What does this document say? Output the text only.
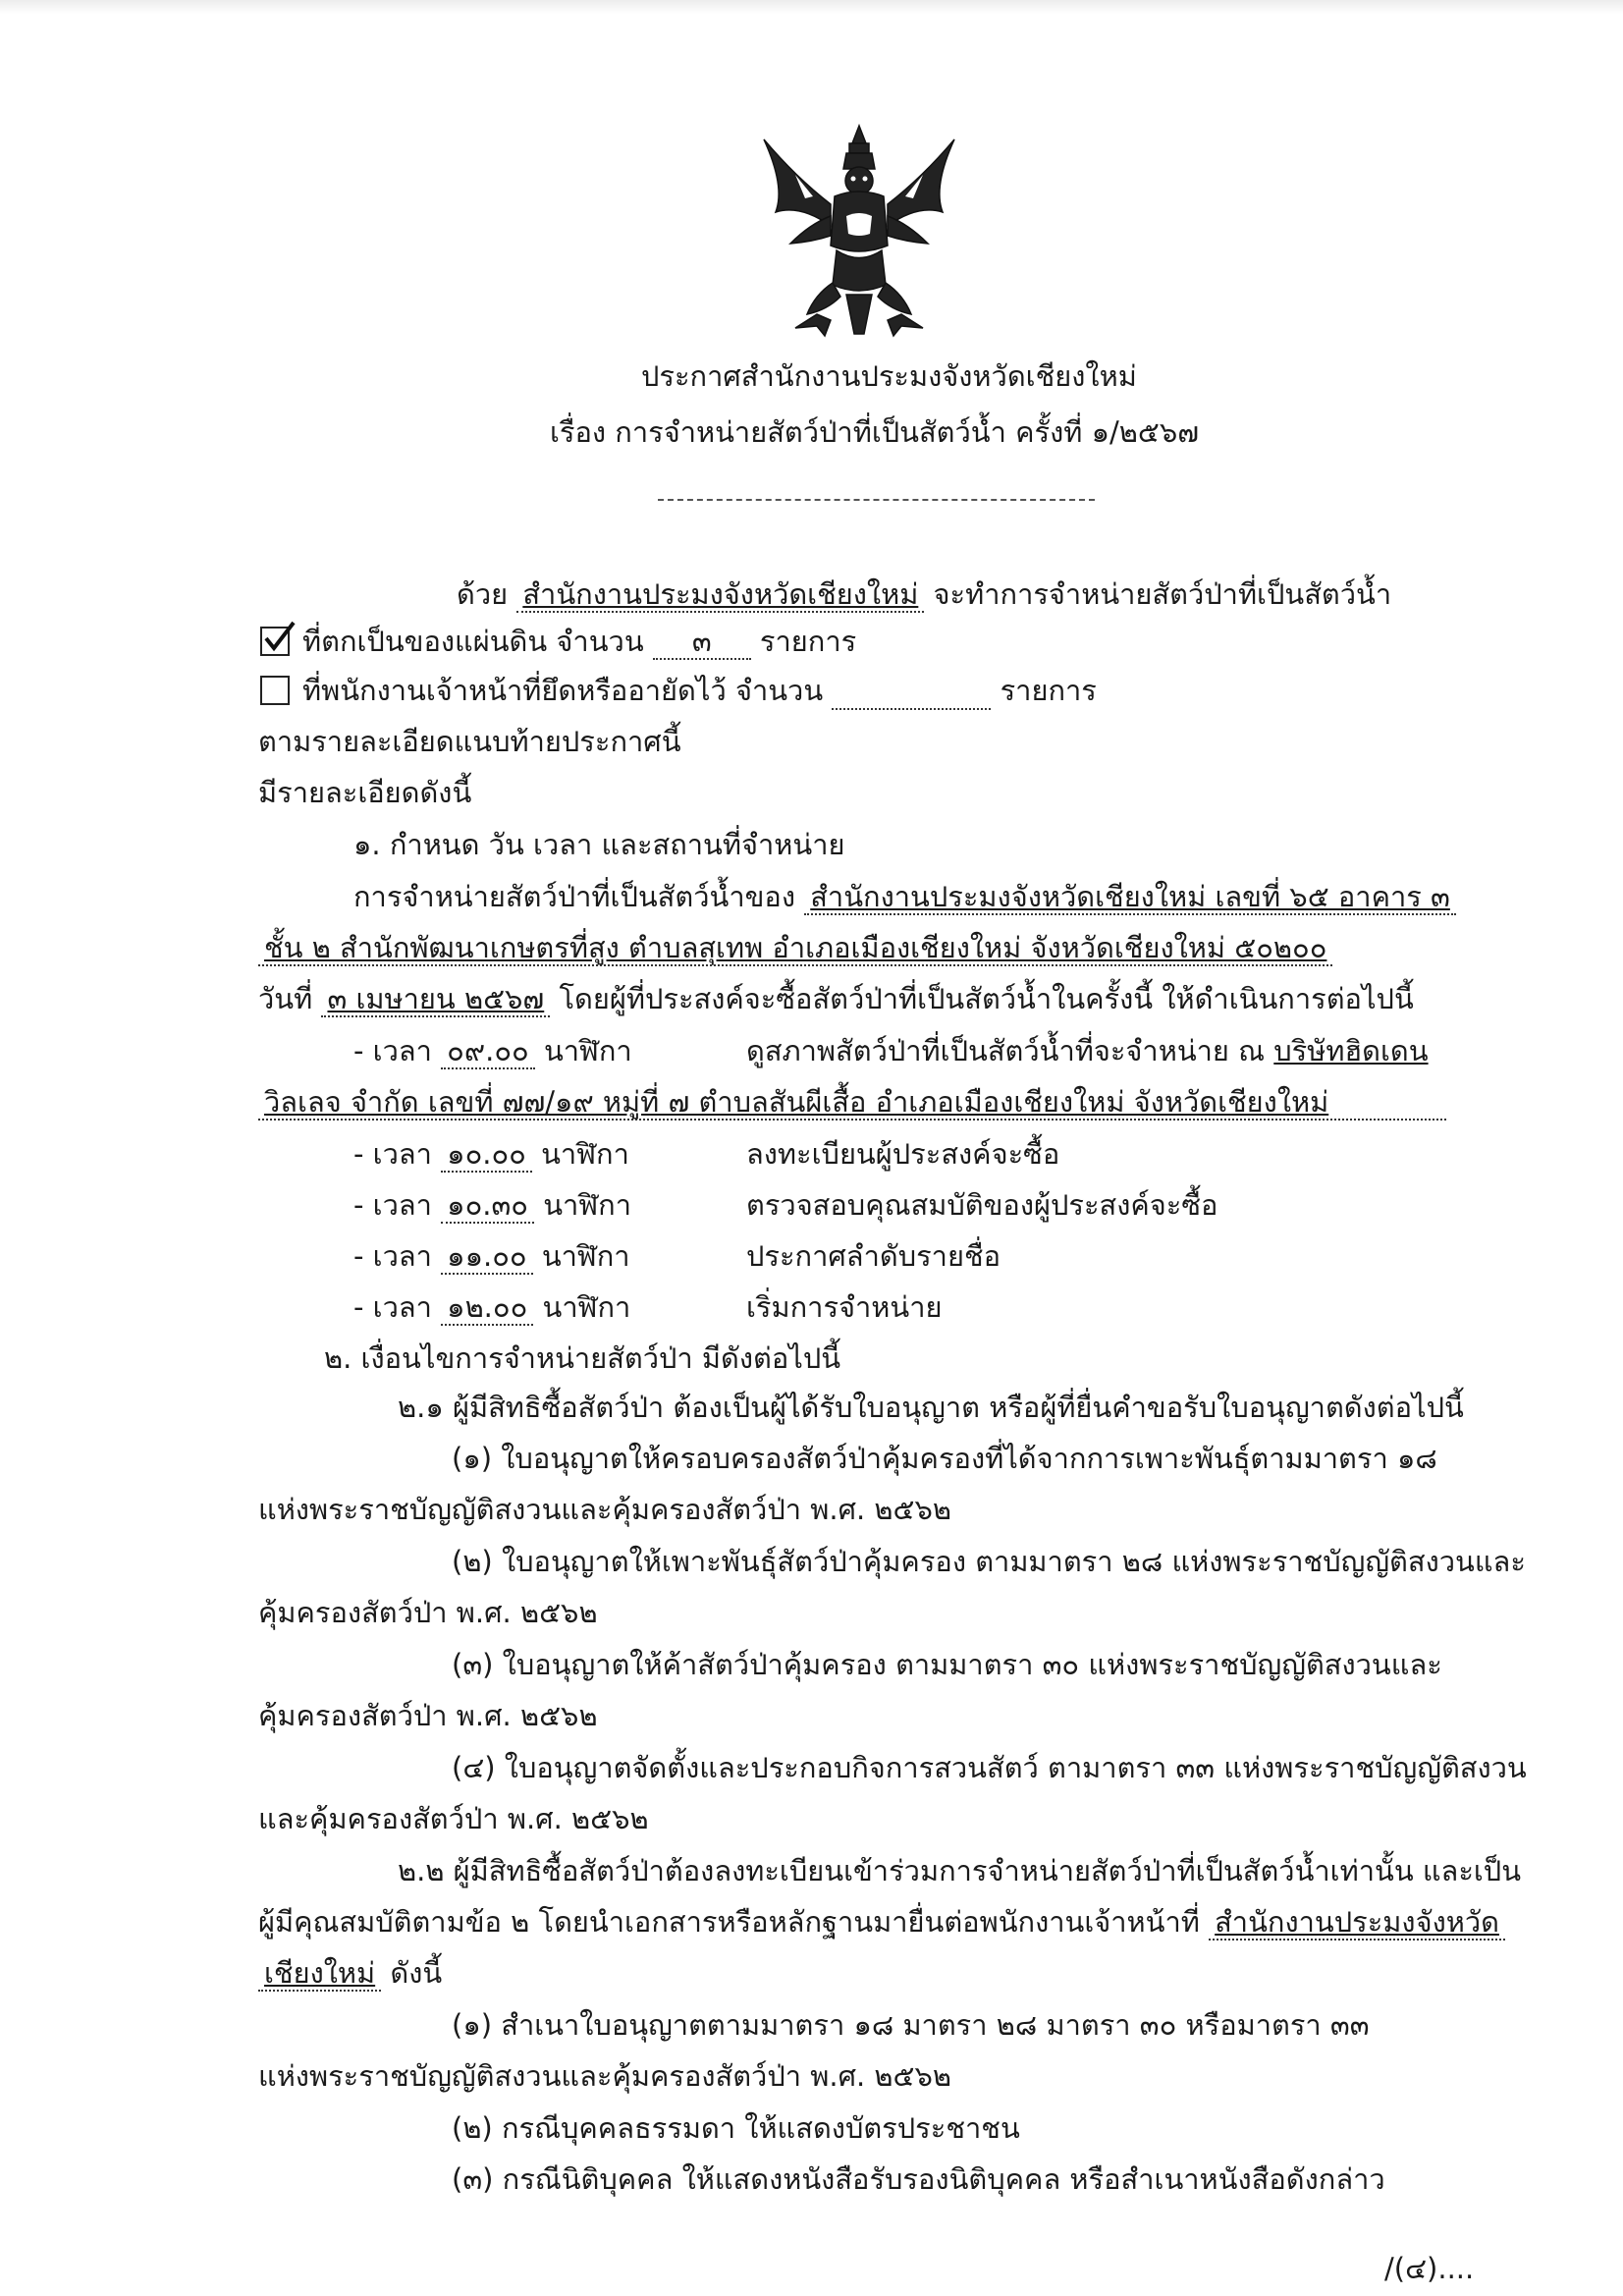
ประกาศสำนักงานประมงจังหวัดเชียงใหม่
เรื่อง การจำหน่ายสัตว์ป่าที่เป็นสัตว์น้ำ ครั้งที่ ๑/๒๕๖๗
ด้วย สำนักงานประมงจังหวัดเชียงใหม่ จะทำการจำหน่ายสัตว์ป่าที่เป็นสัตว์น้ำ
ที่ตกเป็นของแผ่นดิน จำนวน ๓ รายการ
ที่พนักงานเจ้าหน้าที่ยึดหรืออายัดไว้ จำนวน	รายการ
ตามรายละเอียดแนบท้ายประกาศนี้
มีรายละเอียดดังนี้
๑. กำหนด วัน เวลา และสถานที่จำหน่าย
การจำหน่ายสัตว์ป่าที่เป็นสัตว์น้ำของ สำนักงานประมงจังหวัดเชียงใหม่ เลขที่ ๖๕ อาคาร ๓
ชั้น ๒ สำนักพัฒนาเกษตรที่สูง ตำบลสุเทพ อำเภอเมืองเชียงใหม่ จังหวัดเชียงใหม่ ๕๐๒๐๐
วันที่ ๓ เมษายน ๒๕๖๗ โดยผู้ที่ประสงค์จะซื้อสัตว์ป่าที่เป็นสัตว์น้ำในครั้งนี้ ให้ดำเนินการต่อไปนี้
- เวลา ๐๙.๐๐ นาฬิกา	ดูสภาพสัตว์ป่าที่เป็นสัตว์น้ำที่จะจำหน่าย ณ บริษัทฮิดเดน
วิลเลจ จำกัด เลขที่ ๗๗/๑๙ หมู่ที่ ๗ ตำบลสันผีเสื้อ อำเภอเมืองเชียงใหม่ จังหวัดเชียงใหม่
- เวลา ๑๐.๐๐ นาฬิกา	ลงทะเบียนผู้ประสงค์จะซื้อ
- เวลา ๑๐.๓๐ นาฬิกา	ตรวจสอบคุณสมบัติของผู้ประสงค์จะซื้อ
- เวลา ๑๑.๐๐ นาฬิกา	ประกาศลำดับรายชื่อ
- เวลา ๑๒.๐๐ นาฬิกา	เริ่มการจำหน่าย
๒. เงื่อนไขการจำหน่ายสัตว์ป่า มีดังต่อไปนี้
๒.๑ ผู้มีสิทธิซื้อสัตว์ป่า ต้องเป็นผู้ได้รับใบอนุญาต หรือผู้ที่ยื่นคำขอรับใบอนุญาตดังต่อไปนี้
(๑) ใบอนุญาตให้ครอบครองสัตว์ป่าคุ้มครองที่ได้จากการเพาะพันธุ์ตามมาตรา ๑๘
แห่งพระราชบัญญัติสงวนและคุ้มครองสัตว์ป่า พ.ศ. ๒๕๖๒
(๒) ใบอนุญาตให้เพาะพันธุ์สัตว์ป่าคุ้มครอง ตามมาตรา ๒๘ แห่งพระราชบัญญัติสงวนและ
คุ้มครองสัตว์ป่า พ.ศ. ๒๕๖๒
(๓) ใบอนุญาตให้ค้าสัตว์ป่าคุ้มครอง ตามมาตรา ๓๐ แห่งพระราชบัญญัติสงวนและ
คุ้มครองสัตว์ป่า พ.ศ. ๒๕๖๒
(๔) ใบอนุญาตจัดตั้งและประกอบกิจการสวนสัตว์ ตามาตรา ๓๓ แห่งพระราชบัญญัติสงวน
และคุ้มครองสัตว์ป่า พ.ศ. ๒๕๖๒
๒.๒ ผู้มีสิทธิซื้อสัตว์ป่าต้องลงทะเบียนเข้าร่วมการจำหน่ายสัตว์ป่าที่เป็นสัตว์น้ำเท่านั้น และเป็น
ผู้มีคุณสมบัติตามข้อ ๒ โดยนำเอกสารหรือหลักฐานมายื่นต่อพนักงานเจ้าหน้าที่ สำนักงานประมงจังหวัด
เชียงใหม่ ดังนี้
(๑) สำเนาใบอนุญาตตามมาตรา ๑๘ มาตรา ๒๘ มาตรา ๓๐ หรือมาตรา ๓๓
แห่งพระราชบัญญัติสงวนและคุ้มครองสัตว์ป่า พ.ศ. ๒๕๖๒
(๒) กรณีบุคคลธรรมดา ให้แสดงบัตรประชาชน
(๓) กรณีนิติบุคคล ให้แสดงหนังสือรับรองนิติบุคคล หรือสำเนาหนังสือดังกล่าว
/(๔)....
